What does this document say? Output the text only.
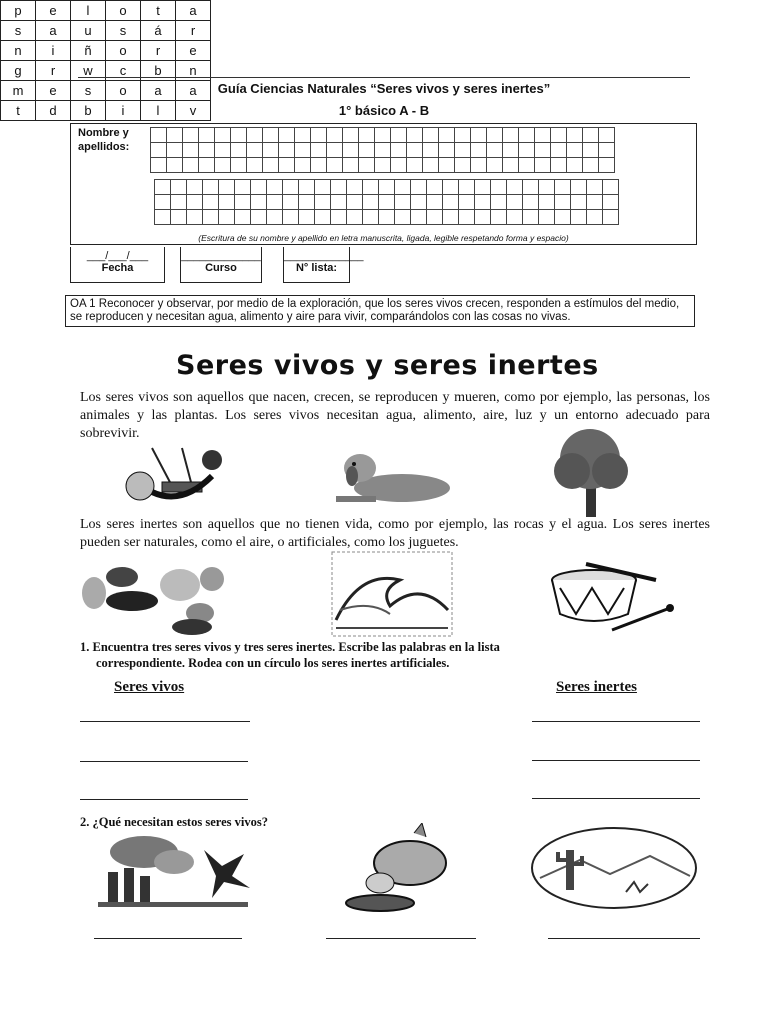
Guía Ciencias Naturales “Seres vivos y seres inertes”
1° básico A - B
Nombre y apellidos:

(Escritura de su nombre y apellido en letra manuscrita, ligada, legible respetando forma y espacio)
___/___/___
Fecha
_____________
Curso
_____________
N° lista:
OA 1 Reconocer y observar, por medio de la exploración, que los seres vivos crecen, responden a estímulos del medio, se reproducen y necesitan agua, alimento y aire para vivir, comparándolos con las cosas no vivas.
Seres vivos y seres inertes
Los seres vivos son aquellos que nacen, crecen, se reproducen y mueren, como por ejemplo, las personas, los animales y las plantas. Los seres vivos necesitan agua, alimento, aire, luz y un entorno adecuado para sobrevivir.
Los seres inertes son aquellos que no tienen vida, como por ejemplo, las rocas y el agua. Los seres inertes pueden ser naturales, como el aire, o artificiales, como los juguetes.
1. Encuentra tres seres vivos y tres seres inertes. Escribe las palabras en la lista
correspondiente. Rodea con un círculo los seres inertes artificiales.
Seres vivos	Seres inertes
p	e	l	o	t	a
s	a	u	s	á	r
n	i	ñ	o	r	e
g	r	w	c	b	n
m	e	s	o	a	a
t	d	b	i	l	v
2. ¿Qué necesitan estos seres vivos?
